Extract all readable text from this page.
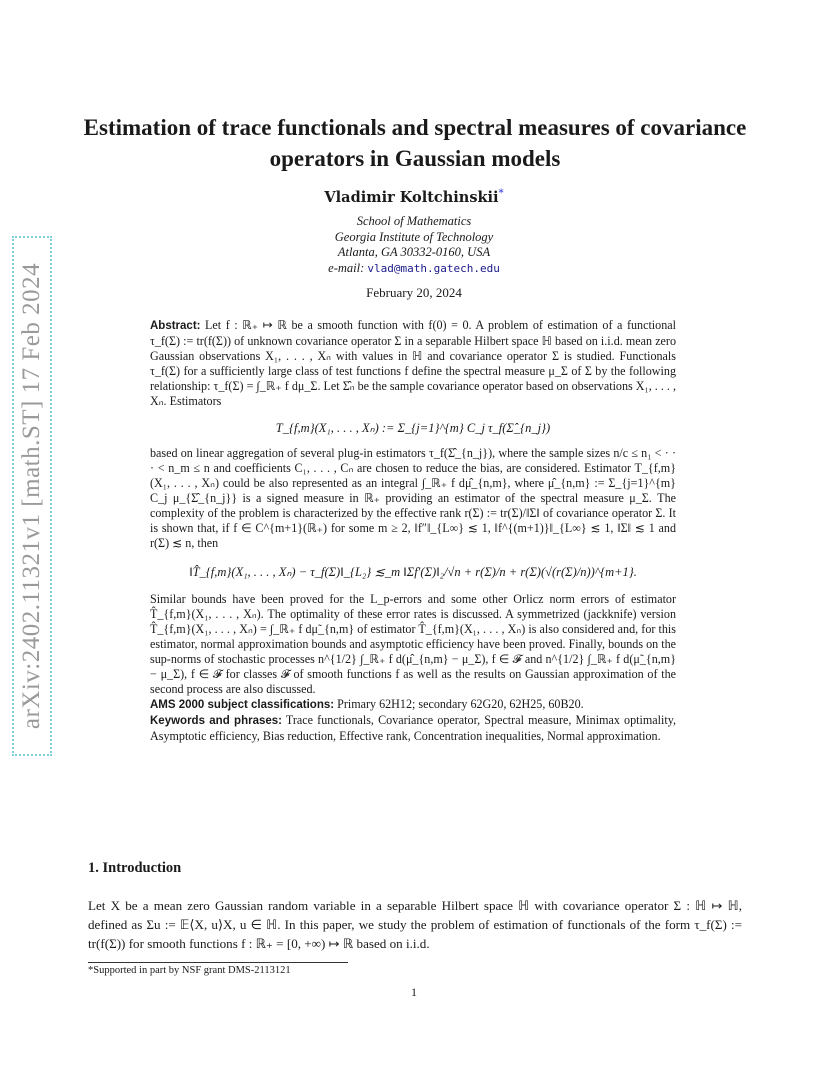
arXiv:2402.11321v1 [math.ST] 17 Feb 2024
Estimation of trace functionals and spectral measures of covariance operators in Gaussian models
Vladimir Koltchinskii*
School of Mathematics
Georgia Institute of Technology
Atlanta, GA 30332-0160, USA
e-mail: vlad@math.gatech.edu
February 20, 2024

Abstract: Let f : ℝ₊ ↦ ℝ be a smooth function with f(0) = 0. A problem of estimation of a functional τ_f(Σ) := tr(f(Σ)) of unknown covariance operator Σ in a separable Hilbert space ℍ based on i.i.d. mean zero Gaussian observations X₁, . . . , Xₙ with values in ℍ and covariance operator Σ is studied. Functionals τ_f(Σ) for a sufficiently large class of test functions f define the spectral measure μ_Σ of Σ by the following relationship: τ_f(Σ) = ∫_ℝ₊ f dμ_Σ. Let Σ̂ₙ be the sample covariance operator based on observations X₁, . . . , Xₙ. Estimators

T_{f,m}(X₁, . . . , Xₙ) := Σ_{j=1}^{m} C_j τ_f(Σ̂_{n_j})

based on linear aggregation of several plug-in estimators τ_f(Σ̂_{n_j}), where the sample sizes n/c ≤ n₁ < · · · < n_m ≤ n and coefficients C₁, . . . , Cₙ are chosen to reduce the bias, are considered. Estimator T_{f,m}(X₁, . . . , Xₙ) could be also represented as an integral ∫_ℝ₊ f dμ̂_{n,m}, where μ̂_{n,m} := Σ_{j=1}^{m} C_j μ_{Σ̂_{n_j}} is a signed measure in ℝ₊ providing an estimator of the spectral measure μ_Σ. The complexity of the problem is characterized by the effective rank r(Σ) := tr(Σ)/‖Σ‖ of covariance operator Σ. It is shown that, if f ∈ C^{m+1}(ℝ₊) for some m ≥ 2, ‖f″‖_{L∞} ≲ 1, ‖f^{(m+1)}‖_{L∞} ≲ 1, ‖Σ‖ ≲ 1 and r(Σ) ≲ n, then

‖T̂_{f,m}(X₁, . . . , Xₙ) − τ_f(Σ)‖_{L₂} ≲_m ‖Σf′(Σ)‖₂/√n + r(Σ)/n + r(Σ)(√(r(Σ)/n))^{m+1}.

Similar bounds have been proved for the L_p-errors and some other Orlicz norm errors of estimator T̂_{f,m}(X₁, . . . , Xₙ). The optimality of these error rates is discussed. A symmetrized (jackknife) version T̂_{f,m}(X₁, . . . , Xₙ) = ∫_ℝ₊ f dμ̃_{n,m} of estimator T̂_{f,m}(X₁, . . . , Xₙ) is also considered and, for this estimator, normal approximation bounds and asymptotic efficiency have been proved. Finally, bounds on the sup-norms of stochastic processes n^{1/2} ∫_ℝ₊ f d(μ̂_{n,m} − μ_Σ), f ∈ 𝓕 and n^{1/2} ∫_ℝ₊ f d(μ̃_{n,m} − μ_Σ), f ∈ 𝓕 for classes 𝓕 of smooth functions f as well as the results on Gaussian approximation of the second process are also discussed.

AMS 2000 subject classifications: Primary 62H12; secondary 62G20, 62H25, 60B20.

Keywords and phrases: Trace functionals, Covariance operator, Spectral measure, Minimax optimality, Asymptotic efficiency, Bias reduction, Effective rank, Concentration inequalities, Normal approximation.

1. Introduction

Let X be a mean zero Gaussian random variable in a separable Hilbert space ℍ with covariance operator Σ : ℍ ↦ ℍ, defined as Σu := 𝔼⟨X, u⟩X, u ∈ ℍ. In this paper, we study the problem of estimation of functionals of the form τ_f(Σ) := tr(f(Σ)) for smooth functions f : ℝ₊ = [0, +∞) ↦ ℝ based on i.i.d.

*Supported in part by NSF grant DMS-2113121
1
